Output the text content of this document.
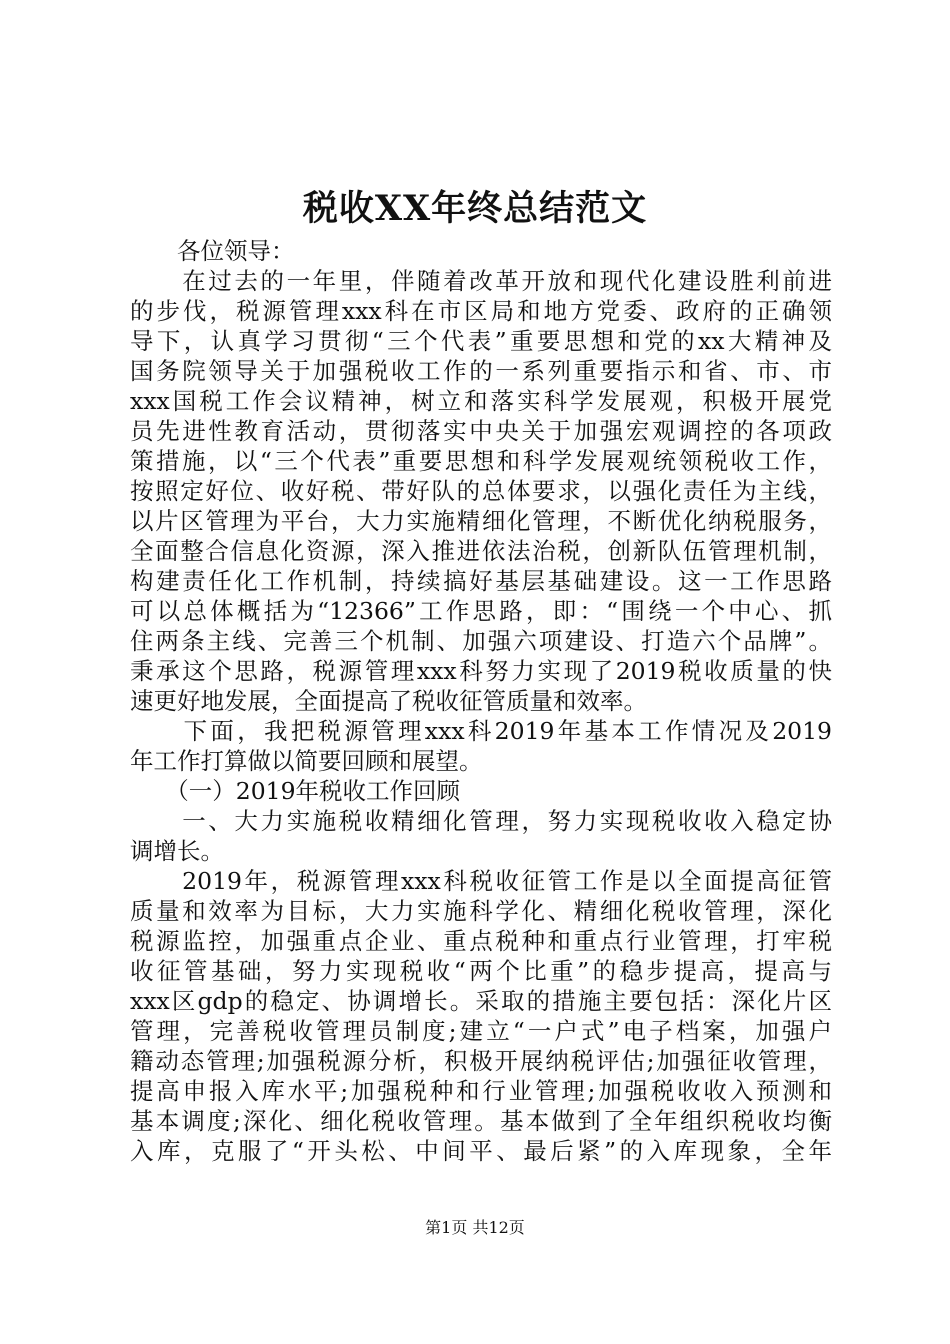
税收XX年终总结范文
　　各位领导：
　　在过去的一年里，伴随着改革开放和现代化建设胜利前进
的步伐，税源管理xxx科在市区局和地方党委、政府的正确领
导下，认真学习贯彻“三个代表”重要思想和党的xx大精神及
国务院领导关于加强税收工作的一系列重要指示和省、市、市
xxx国税工作会议精神，树立和落实科学发展观，积极开展党
员先进性教育活动，贯彻落实中央关于加强宏观调控的各项政
策措施，以“三个代表”重要思想和科学发展观统领税收工作，
按照定好位、收好税、带好队的总体要求，以强化责任为主线，
以片区管理为平台，大力实施精细化管理，不断优化纳税服务，
全面整合信息化资源，深入推进依法治税，创新队伍管理机制，
构建责任化工作机制，持续搞好基层基础建设。这一工作思路
可以总体概括为“12366”工作思路，即：“围绕一个中心、抓
住两条主线、完善三个机制、加强六项建设、打造六个品牌”。
秉承这个思路，税源管理xxx科努力实现了2019税收质量的快
速更好地发展，全面提高了税收征管质量和效率。
　　下面，我把税源管理xxx科2019年基本工作情况及2019
年工作打算做以简要回顾和展望。
　　（一）2019年税收工作回顾
　　一、大力实施税收精细化管理，努力实现税收收入稳定协
调增长。
　　2019年，税源管理xxx科税收征管工作是以全面提高征管
质量和效率为目标，大力实施科学化、精细化税收管理，深化
税源监控，加强重点企业、重点税种和重点行业管理，打牢税
收征管基础，努力实现税收“两个比重”的稳步提高，提高与
xxx区gdp的稳定、协调增长。采取的措施主要包括：深化片区
管理，完善税收管理员制度;建立“一户式”电子档案，加强户
籍动态管理;加强税源分析，积极开展纳税评估;加强征收管理，
提高申报入库水平;加强税种和行业管理;加强税收收入预测和
基本调度;深化、细化税收管理。基本做到了全年组织税收均衡
入库，克服了“开头松、中间平、最后紧”的入库现象，全年
第1页 共12页
